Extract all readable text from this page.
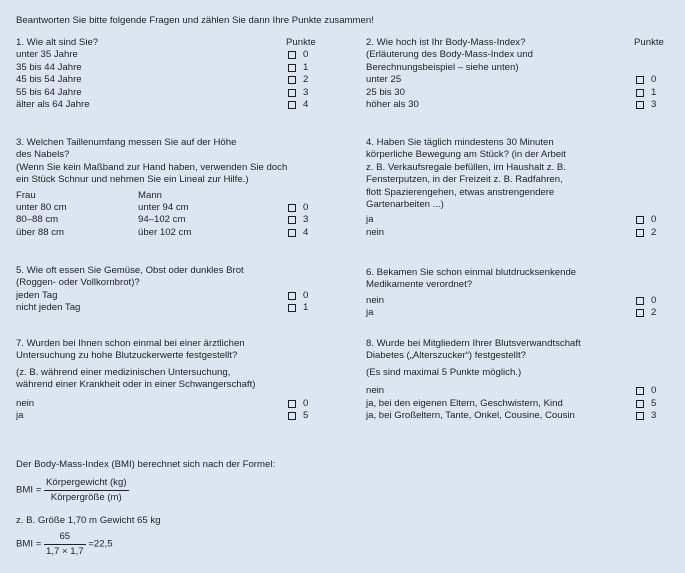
Beantworten Sie bitte folgende Fragen und zählen Sie dann Ihre Punkte zusammen!
1. Wie alt sind Sie?	Punkte
unter 35 Jahre	0
35 bis 44 Jahre	1
45 bis 54 Jahre	2
55 bis 64 Jahre	3
älter als 64 Jahre	4
2. Wie hoch ist Ihr Body-Mass-Index?	Punkte
(Erläuterung des Body-Mass-Index und
Berechnungsbeispiel – siehe unten)
unter 25	0
25 bis 30	1
höher als 30	3
3. Welchen Taillenumfang messen Sie auf der Höhe
des Nabels?
(Wenn Sie kein Maßband zur Hand haben, verwenden Sie doch
ein Stück Schnur und nehmen Sie ein Lineal zur Hilfe.)
Frau	Mann
unter 80 cm	unter 94 cm	0
80–88 cm	94–102 cm	3
über 88 cm	über 102 cm	4
4. Haben Sie täglich mindestens 30 Minuten
körperliche Bewegung am Stück? (in der Arbeit
z. B. Verkaufsregale befüllen, im Haushalt z. B.
Fensterputzen, in der Freizeit z. B. Radfahren,
flott Spazierengehen, etwas anstrengendere
Gartenarbeiten ...)
ja	0
nein	2
5. Wie oft essen Sie Gemüse, Obst oder dunkles Brot
(Roggen- oder Vollkornbrot)?
jeden Tag	0
nicht jeden Tag	1
6. Bekamen Sie schon einmal blutdrucksenkende
Medikamente verordnet?
nein	0
ja	2
7. Wurden bei Ihnen schon einmal bei einer ärztlichen
Untersuchung zu hohe Blutzuckerwerte festgestellt?
(z. B. während einer medizinischen Untersuchung,
während einer Krankheit oder in einer Schwangerschaft)
nein	0
ja	5
8. Wurde bei Mitgliedern Ihrer Blutsverwandtschaft
Diabetes („Alterszucker“) festgestellt?
(Es sind maximal 5 Punkte möglich.)
nein	0
ja, bei den eigenen Eltern, Geschwistern, Kind	5
ja, bei Großeltern, Tante, Onkel, Cousine, Cousin	3
Der Body-Mass-Index (BMI) berechnet sich nach der Formel:
BMI = $\frac{\text{Körpergewicht (kg)}}{\text{Körpergröße (m)}}$
z. B. Größe 1,70 m Gewicht 65 kg
BMI = $\frac{65}{1,7 \times 1,7} =22,5$
